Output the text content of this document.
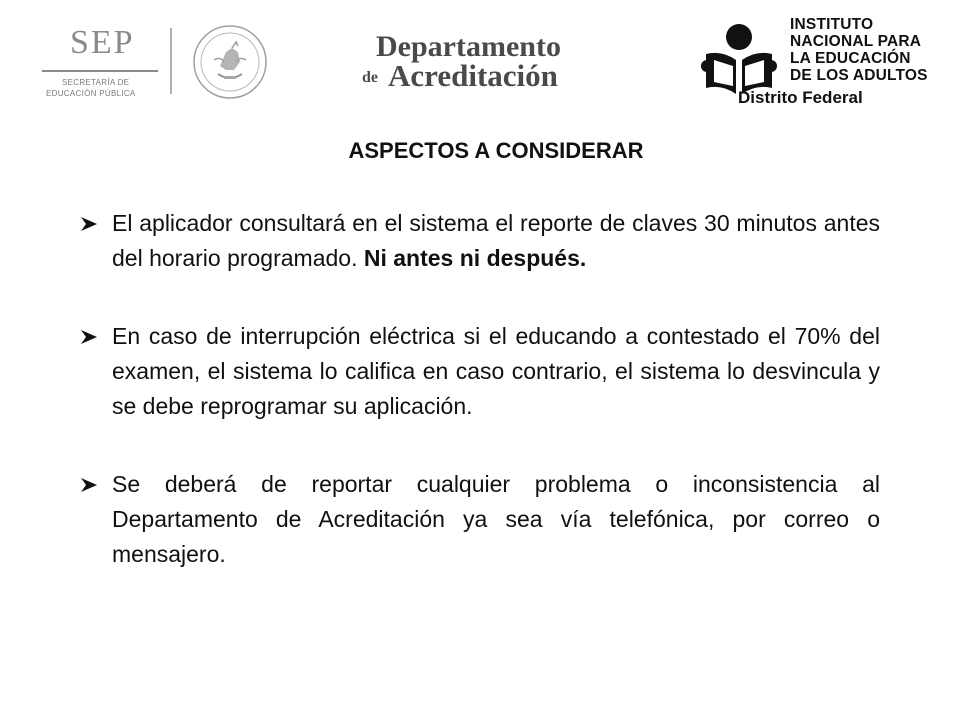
SEP
SECRETARÍA DE
EDUCACIÓN PÚBLICA
Departamento
de Acreditación
INSTITUTO
NACIONAL PARA
LA EDUCACIÓN
DE LOS ADULTOS
Distrito Federal
ASPECTOS A CONSIDERAR
El aplicador consultará en el sistema el reporte de claves 30 minutos antes del horario programado. Ni antes ni después.
En caso de interrupción eléctrica si el educando a contestado el 70% del examen, el sistema lo califica en caso contrario, el sistema lo desvincula y se debe reprogramar su aplicación.
Se deberá de reportar cualquier problema o inconsistencia al Departamento de Acreditación ya sea vía telefónica, por correo o mensajero.
